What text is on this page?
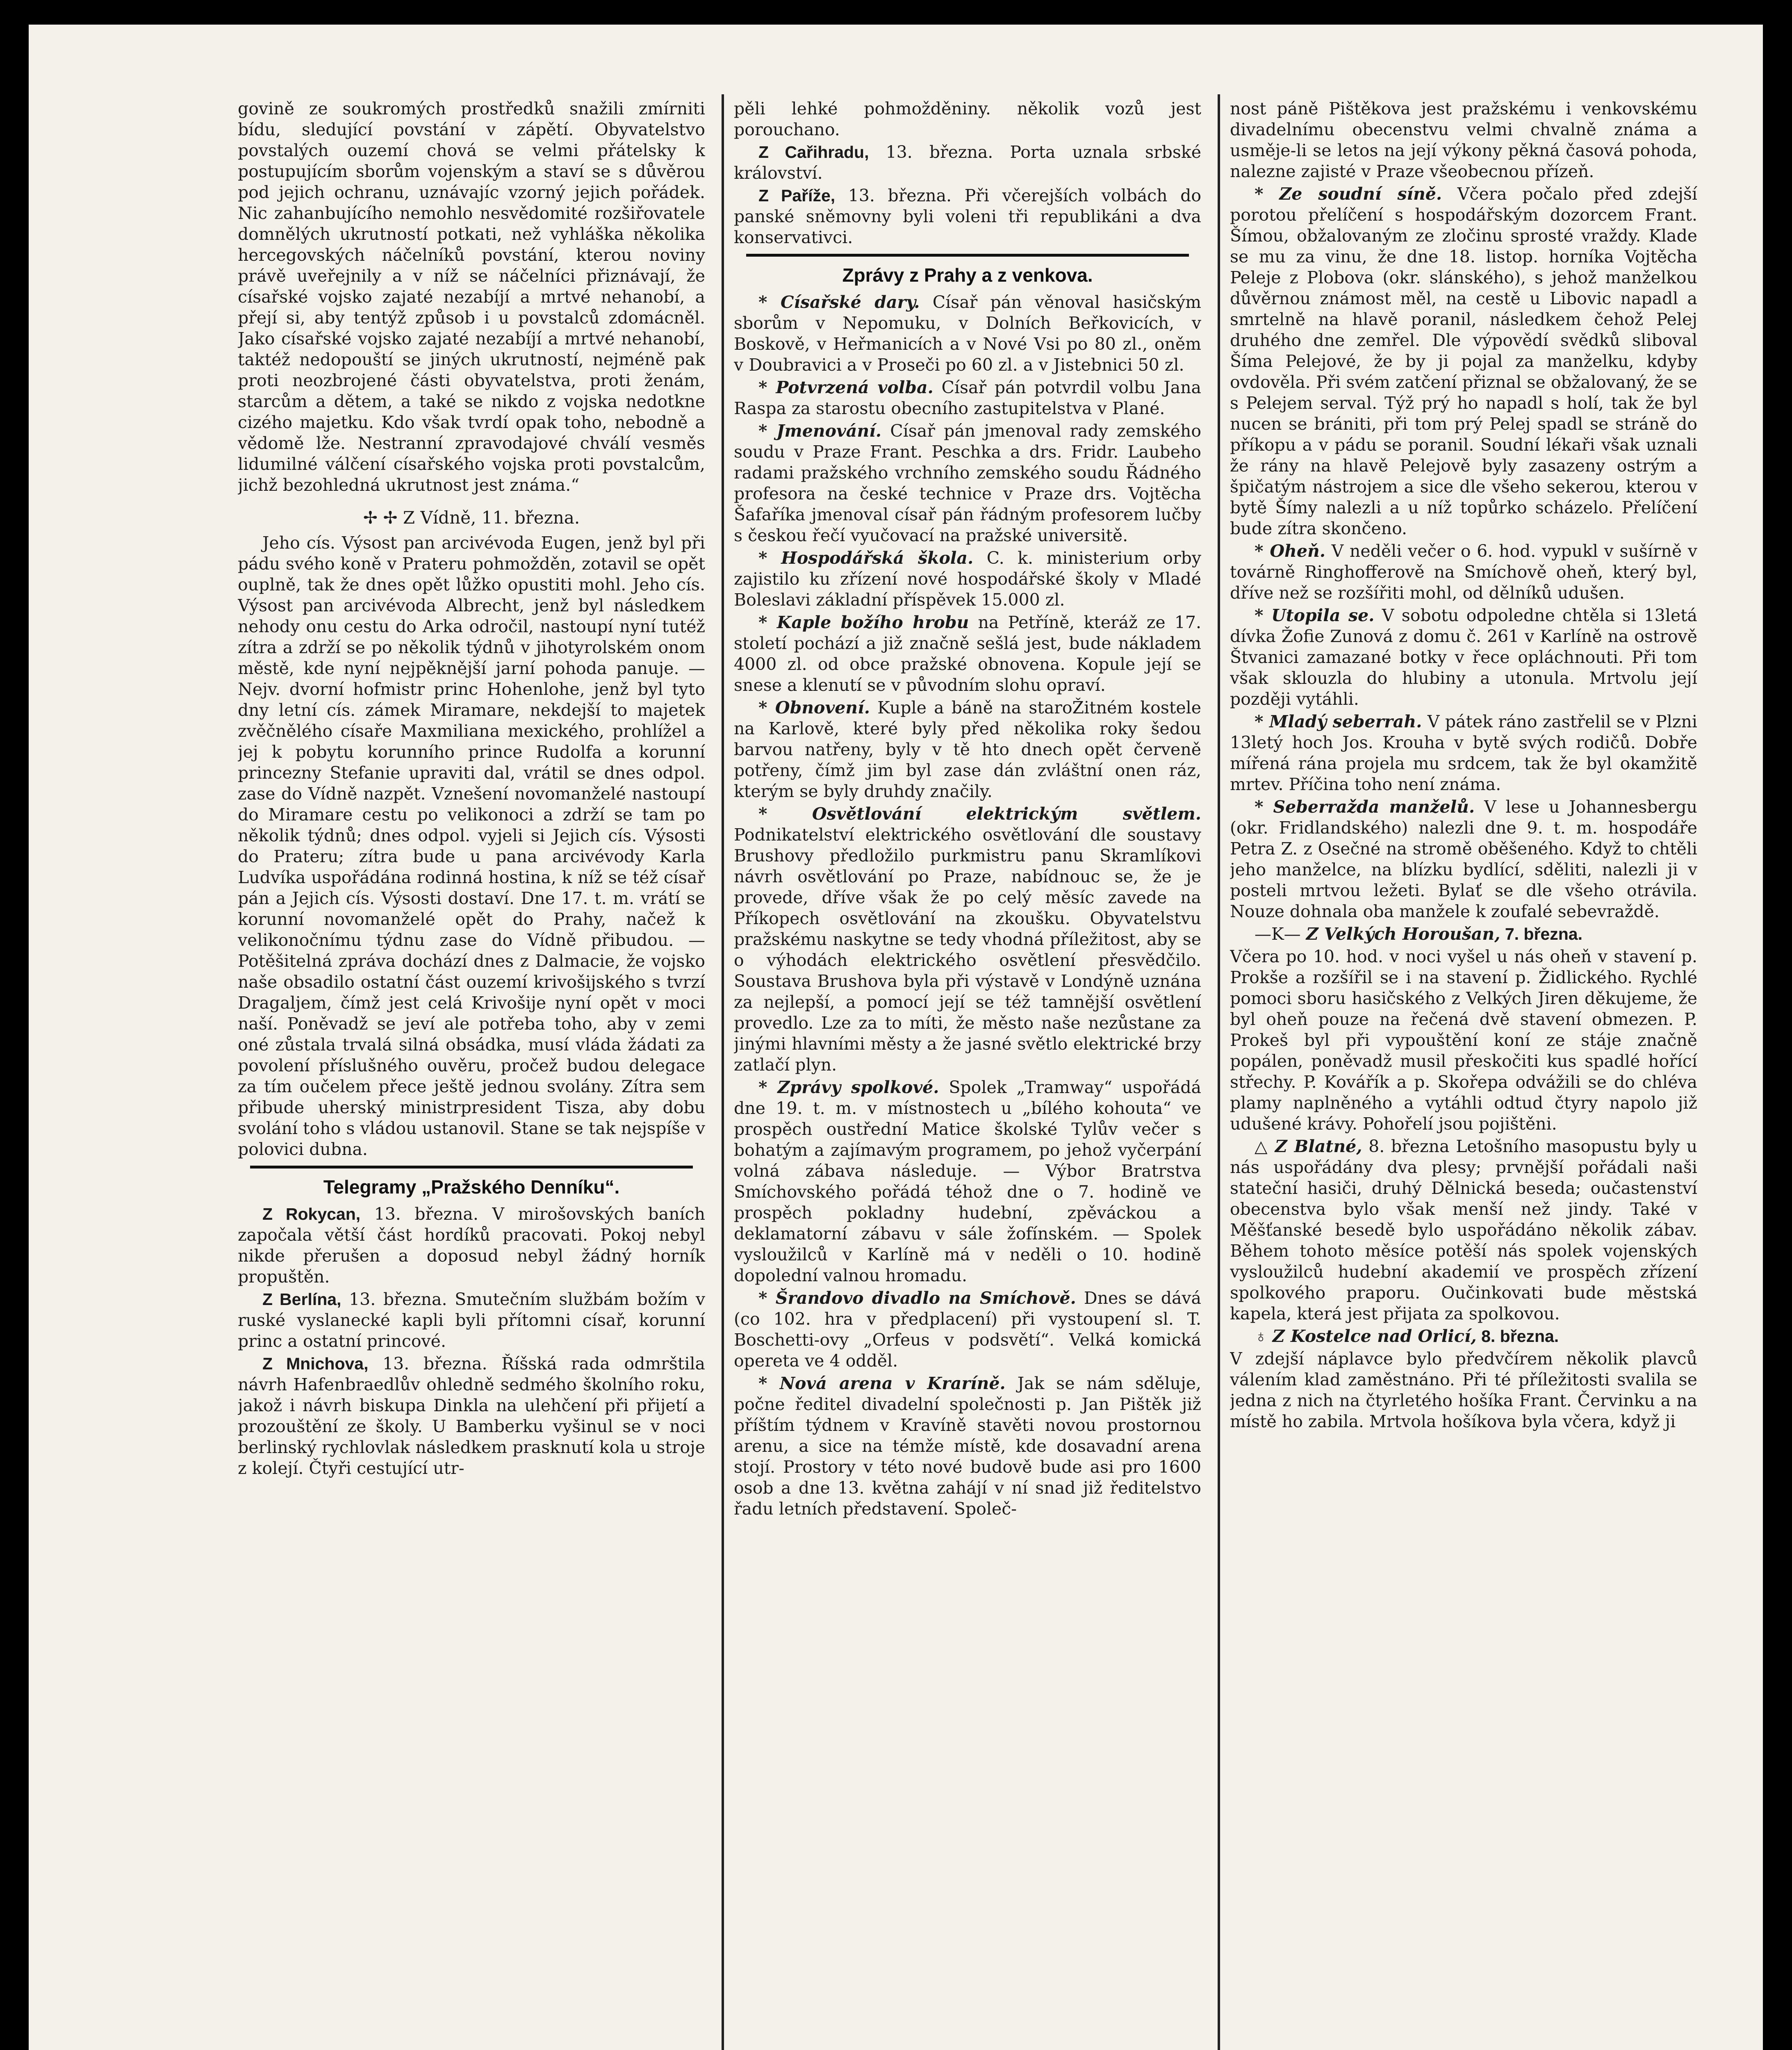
govině ze soukromých prostředků snažili zmírniti bídu, sledující povstání v zápětí. Obyvatelstvo povstalých ouzemí chová se velmi přátelsky k postupujícím sborům vojenským a staví se s důvěrou pod jejich ochranu, uznávajíc vzorný jejich pořádek. Nic zahanbujícího nemohlo nesvědomité rozšiřovatele domnělých ukrutností potkati, než vyhláška několika hercegovských náčelníků povstání, kterou noviny právě uveřejnily a v níž se náčelníci přiznávají, že císařské vojsko zajaté nezabíjí a mrtvé nehanobí, a přejí si, aby tentýž způsob i u povstalců zdomácněl. Jako císařské vojsko zajaté nezabíjí a mrtvé nehanobí, taktéž nedopouští se jiných ukrutností, nejméně pak proti neozbrojené části obyvatelstva, proti ženám, starcům a dětem, a také se nikdo z vojska nedotkne cizého majetku. Kdo však tvrdí opak toho, nebodně a vědomě lže. Nestranní zpravodajové chválí vesměs lidumilné válčení císařského vojska proti povstalcům, jichž bezohledná ukrutnost jest známa.“

✢ ✢ Z Vídně, 11. března.

Jeho cís. Výsost pan arcivévoda Eugen, jenž byl při pádu svého koně v Prateru pohmožděn, zotavil se opět ouplně, tak že dnes opět lůžko opustiti mohl. Jeho cís. Výsost pan arcivévoda Albrecht, jenž byl následkem nehody onu cestu do Arka odročil, nastoupí nyní tutéž zítra a zdrží se po několik týdnů v jihotyrolském onom městě, kde nyní nejpěknější jarní pohoda panuje. — Nejv. dvorní hofmistr princ Hohenlohe, jenž byl tyto dny letní cís. zámek Miramare, nekdejší to majetek zvěčnělého císaře Maxmiliana mexického, prohlížel a jej k pobytu korunního prince Rudolfa a korunní princezny Stefanie upraviti dal, vrátil se dnes odpol. zase do Vídně nazpět. Vznešení novomanželé nastoupí do Miramare cestu po velikonoci a zdrží se tam po několik týdnů; dnes odpol. vyjeli si Jejich cís. Výsosti do Prateru; zítra bude u pana arcivévody Karla Ludvíka uspořádána rodinná hostina, k níž se též císař pán a Jejich cís. Výsosti dostaví. Dne 17. t. m. vrátí se korunní novomanželé opět do Prahy, načež k velikonočnímu týdnu zase do Vídně přibudou. — Potěšitelná zpráva dochází dnes z Dalmacie, že vojsko naše obsadilo ostatní část ouzemí krivošijského s tvrzí Dragaljem, čímž jest celá Krivošije nyní opět v moci naší. Poněvadž se jeví ale potřeba toho, aby v zemi oné zůstala trvalá silná obsádka, musí vláda žádati za povolení příslušného ouvěru, pročež budou delegace za tím oučelem přece ještě jednou svolány. Zítra sem přibude uherský ministrpresident Tisza, aby dobu svolání toho s vládou ustanovil. Stane se tak nejspíše v polovici dubna.

Telegramy „Pražského Denníku“.

Z Rokycan, 13. března. V mirošovských baních započala větší část hordíků pracovati. Pokoj nebyl nikde přerušen a doposud nebyl žádný horník propuštěn.

Z Berlína, 13. března. Smutečním službám božím v ruské vyslanecké kapli byli přítomni císař, korunní princ a ostatní princové.

Z Mnichova, 13. března. Říšská rada odmrštila návrh Hafenbraedlův ohledně sedmého školního roku, jakož i návrh biskupa Dinkla na ulehčení při přijetí a prozouštění ze školy. U Bamberku vyšinul se v noci berlinský rychlovlak následkem prasknutí kola u stroje z kolejí. Čtyři cestující utr-

pěli lehké pohmožděniny. několik vozů jest porouchano.

Z Cařihradu, 13. března. Porta uznala srbské království.

Z Paříže, 13. března. Při včerejších volbách do panské sněmovny byli voleni tři republikáni a dva konservativci.

Zprávy z Prahy a z venkova.

* Císařské dary. Císař pán věnoval hasičským sborům v Nepomuku, v Dolních Beřkovicích, v Boskově, v Heřmanicích a v Nové Vsi po 80 zl., oněm v Doubravici a v Proseči po 60 zl. a v Jistebnici 50 zl.

* Potvrzená volba. Císař pán potvrdil volbu Jana Raspa za starostu obecního zastupitelstva v Plané.

* Jmenování. Císař pán jmenoval rady zemského soudu v Praze Frant. Peschka a drs. Fridr. Laubeho radami pražského vrchního zemského soudu Řádného profesora na české technice v Praze drs. Vojtěcha Šafaříka jmenoval císař pán řádným profesorem lučby s českou řečí vyučovací na pražské universitě.

* Hospodářská škola. C. k. ministerium orby zajistilo ku zřízení nové hospodářské školy v Mladé Boleslavi základní příspěvek 15.000 zl.

* Kaple božího hrobu na Petříně, kteráž ze 17. století pochází a již značně sešlá jest, bude nákladem 4000 zl. od obce pražské obnovena. Kopule její se snese a klenutí se v původním slohu opraví.

* Obnovení. Kuple a báně na staroŽitném kostele na Karlově, které byly před několika roky šedou barvou natřeny, byly v tě hto dnech opět červeně potřeny, čímž jim byl zase dán zvláštní onen ráz, kterým se byly druhdy značily.

* Osvětlování elektrickým světlem. Podnikatelství elektrického osvětlování dle soustavy Brushovy předložilo purkmistru panu Skramlíkovi návrh osvětlování po Praze, nabídnouc se, že je provede, dříve však že po celý měsíc zavede na Příkopech osvětlování na zkoušku. Obyvatelstvu pražskému naskytne se tedy vhodná příležitost, aby se o výhodách elektrického osvětlení přesvědčilo. Soustava Brushova byla při výstavě v Londýně uznána za nejlepší, a pomocí její se též tamnější osvětlení provedlo. Lze za to míti, že město naše nezůstane za jinými hlavními městy a že jasné světlo elektrické brzy zatlačí plyn.

* Zprávy spolkové. Spolek „Tramway“ uspořádá dne 19. t. m. v místnostech u „bílého kohouta“ ve prospěch oustřední Matice školské Tylův večer s bohatým a zajímavým programem, po jehož vyčerpání volná zábava následuje. — Výbor Bratrstva Smíchovského pořádá téhož dne o 7. hodině ve prospěch pokladny hudební, zpěváckou a deklamatorní zábavu v sále žofínském. — Spolek vysloužilců v Karlíně má v neděli o 10. hodině dopolední valnou hromadu.

* Šrandovo divadlo na Smíchově. Dnes se dává (co 102. hra v předplacení) při vystoupení sl. T. Boschetti-ovy „Orfeus v podsvětí“. Velká komická opereta ve 4 odděl.

* Nová arena v Kraríně. Jak se nám sděluje, počne ředitel divadelní společnosti p. Jan Pištěk již příštím týdnem v Kravíně stavěti novou prostornou arenu, a sice na témže místě, kde dosavadní arena stojí. Prostory v této nové budově bude asi pro 1600 osob a dne 13. května zahájí v ní snad již ředitelstvo řadu letních představení. Společ-

nost páně Pištěkova jest pražskému i venkovskému divadelnímu obecenstvu velmi chvalně známa a usměje-li se letos na její výkony pěkná časová pohoda, nalezne zajisté v Praze všeobecnou přízeň.

* Ze soudní síně. Včera počalo před zdejší porotou přelíčení s hospodářským dozorcem Frant. Šímou, obžalovaným ze zločinu sprosté vraždy. Klade se mu za vinu, že dne 18. listop. horníka Vojtěcha Peleje z Plobova (okr. slánského), s jehož manželkou důvěrnou známost měl, na cestě u Libovic napadl a smrtelně na hlavě poranil, následkem čehož Pelej druhého dne zemřel. Dle výpovědí svědků sliboval Šíma Pelejové, že by ji pojal za manželku, kdyby ovdověla. Při svém zatčení přiznal se obžalovaný, že se s Pelejem serval. Týž prý ho napadl s holí, tak že byl nucen se brániti, při tom prý Pelej spadl se stráně do příkopu a v pádu se poranil. Soudní lékaři však uznali že rány na hlavě Pelejově byly zasazeny ostrým a špičatým nástrojem a sice dle všeho sekerou, kterou v bytě Šímy nalezli a u níž topůrko scházelo. Přelíčení bude zítra skončeno.

* Oheň. V neděli večer o 6. hod. vypukl v sušírně v továrně Ringhofferově na Smíchově oheň, který byl, dříve než se rozšířiti mohl, od dělníků udušen.

* Utopila se. V sobotu odpoledne chtěla si 13letá dívka Žofie Zunová z domu č. 261 v Karlíně na ostrově Štvanici zamazané botky v řece opláchnouti. Při tom však sklouzla do hlubiny a utonula. Mrtvolu její později vytáhli.

* Mladý seberrah. V pátek ráno zastřelil se v Plzni 13letý hoch Jos. Krouha v bytě svých rodičů. Dobře mířená rána projela mu srdcem, tak že byl okamžitě mrtev. Příčina toho není známa.

* Seberraždа manželů. V lese u Johannesbergu (okr. Fridlandského) nalezli dne 9. t. m. hospodáře Petra Z. z Osečné na stromě oběšeného. Když to chtěli jeho manželce, na blízku bydlící, sděliti, nalezli ji v posteli mrtvou ležeti. Bylať se dle všeho otrávila. Nouze dohnala oba manžele k zoufalé sebevraždě.

—K— Z Velkých Horoušan, 7. března.

Včera po 10. hod. v noci vyšel u nás oheň v stavení p. Prokše a rozšířil se i na stavení p. Židlického. Rychlé pomoci sboru hasičského z Velkých Jiren děkujeme, že byl oheň pouze na řečená dvě stavení obmezen. P. Prokeš byl při vypouštění koní ze stáje značně popálen, poněvadž musil přeskočiti kus spadlé hořící střechy. P. Kovářík a p. Skořepa odvážili se do chléva plamy naplněného a vytáhli odtud čtyry napolo již udušené krávy. Pohořelí jsou pojištěni.

△ Z Blatné, 8. března Letošního masopustu byly u nás uspořádány dva plesy; prvnější pořádali naši stateční hasiči, druhý Dělnická beseda; oučastenství obecenstva bylo však menší než jindy. Také v Měšťanské besedě bylo uspořádáno několik zábav. Během tohoto měsíce potěší nás spolek vojenských vysloužilců hudební akademií ve prospěch zřízení spolkového praporu. Oučinkovati bude městská kapela, která jest přijata za spolkovou.

♁ Z Kostelce nad Orlicí, 8. března.

V zdejší náplavce bylo předvčírem několik plavců válením klad zaměstnáno. Při té příležitosti svalila se jedna z nich na čtyrletého hošíka Frant. Červinku a na místě ho zabila. Mrtvola hošíkova byla včera, když ji
